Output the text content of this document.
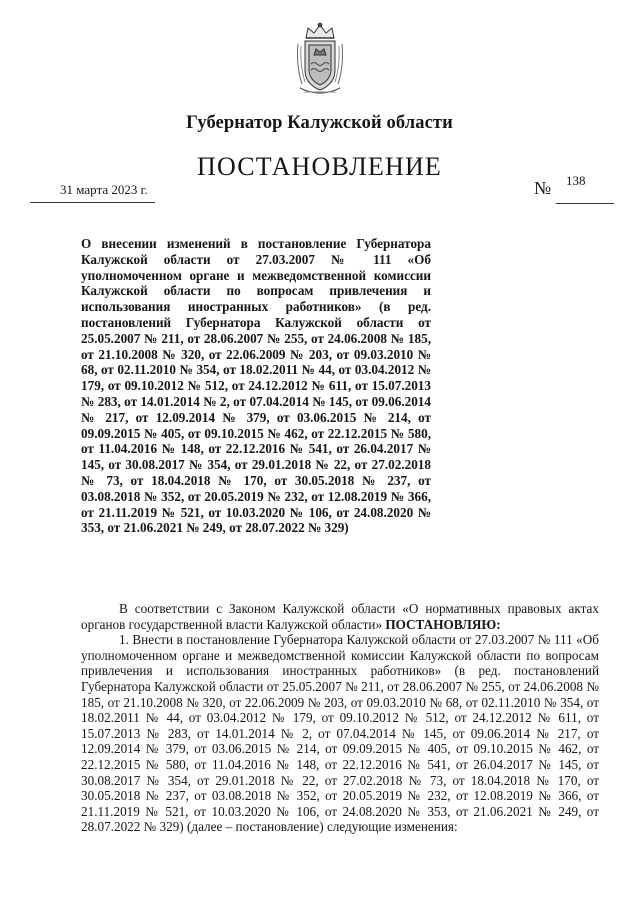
Губернатор Калужской области
ПОСТАНОВЛЕНИЕ
31 марта 2023 г.	№ 138
О внесении изменений в постановление Губернатора Калужской области от 27.03.2007 № 111 «Об уполномоченном органе и межведомственной комиссии Калужской области по вопросам привлечения и использования иностранных работников» (в ред. постановлений Губернатора Калужской области от 25.05.2007 № 211, от 28.06.2007 № 255, от 24.06.2008 № 185, от 21.10.2008 № 320, от 22.06.2009 № 203, от 09.03.2010 № 68, от 02.11.2010 № 354, от 18.02.2011 № 44, от 03.04.2012 № 179, от 09.10.2012 № 512, от 24.12.2012 № 611, от 15.07.2013 № 283, от 14.01.2014 № 2, от 07.04.2014 № 145, от 09.06.2014 № 217, от 12.09.2014 № 379, от 03.06.2015 № 214, от 09.09.2015 № 405, от 09.10.2015 № 462, от 22.12.2015 № 580, от 11.04.2016 № 148, от 22.12.2016 № 541, от 26.04.2017 № 145, от 30.08.2017 № 354, от 29.01.2018 № 22, от 27.02.2018 № 73, от 18.04.2018 № 170, от 30.05.2018 № 237, от 03.08.2018 № 352, от 20.05.2019 № 232, от 12.08.2019 № 366, от 21.11.2019 № 521, от 10.03.2020 № 106, от 24.08.2020 № 353, от 21.06.2021 № 249, от 28.07.2022 № 329)

В соответствии с Законом Калужской области «О нормативных правовых актах органов государственной власти Калужской области» ПОСТАНОВЛЯЮ:

1. Внести в постановление Губернатора Калужской области от 27.03.2007 № 111 «Об уполномоченном органе и межведомственной комиссии Калужской области по вопросам привлечения и использования иностранных работников» (в ред. постановлений Губернатора Калужской области от 25.05.2007 № 211, от 28.06.2007 № 255, от 24.06.2008 № 185, от 21.10.2008 № 320, от 22.06.2009 № 203, от 09.03.2010 № 68, от 02.11.2010 № 354, от 18.02.2011 № 44, от 03.04.2012 № 179, от 09.10.2012 № 512, от 24.12.2012 № 611, от 15.07.2013 № 283, от 14.01.2014 № 2, от 07.04.2014 № 145, от 09.06.2014 № 217, от 12.09.2014 № 379, от 03.06.2015 № 214, от 09.09.2015 № 405, от 09.10.2015 № 462, от 22.12.2015 № 580, от 11.04.2016 № 148, от 22.12.2016 № 541, от 26.04.2017 № 145, от 30.08.2017 № 354, от 29.01.2018 № 22, от 27.02.2018 № 73, от 18.04.2018 № 170, от 30.05.2018 № 237, от 03.08.2018 № 352, от 20.05.2019 № 232, от 12.08.2019 № 366, от 21.11.2019 № 521, от 10.03.2020 № 106, от 24.08.2020 № 353, от 21.06.2021 № 249, от 28.07.2022 № 329) (далее – постановление) следующие изменения:
